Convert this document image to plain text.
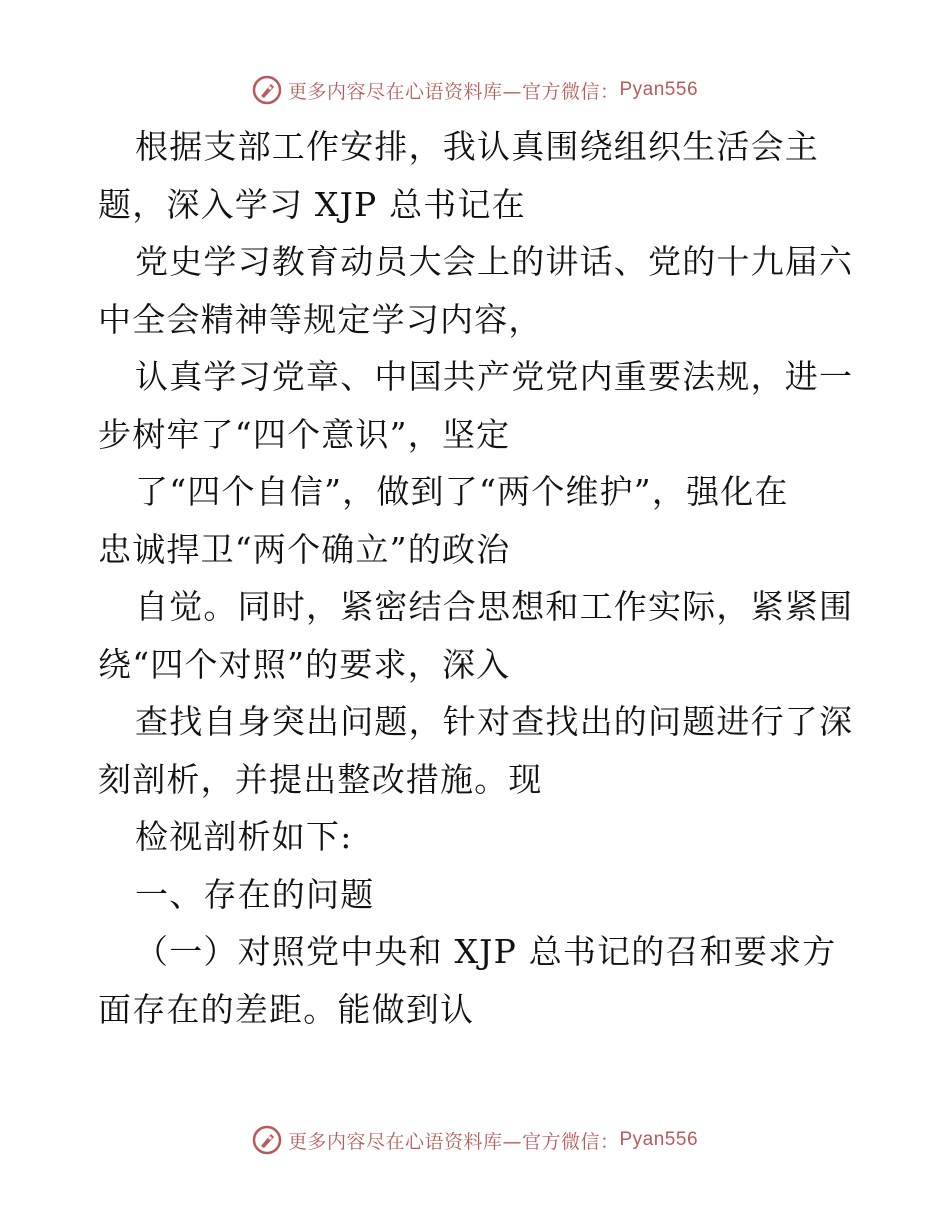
更多内容尽在心语资料库—官方微信： Pyan556
根据支部工作安排，我认真围绕组织生活会主
题，深入学习 XJP 总书记在
党史学习教育动员大会上的讲话、党的十九届六
中全会精神等规定学习内容，
认真学习党章、中国共产党党内重要法规，进一
步树牢了“四个意识”，坚定
了“四个自信”，做到了“两个维护”，强化在
忠诚捍卫“两个确立”的政治
自觉。同时，紧密结合思想和工作实际，紧紧围
绕“四个对照”的要求，深入
查找自身突出问题，针对查找出的问题进行了深
刻剖析，并提出整改措施。现
检视剖析如下:
一、存在的问题
（一）对照党中央和 XJP 总书记的召和要求方
面存在的差距。能做到认
更多内容尽在心语资料库—官方微信： Pyan556
